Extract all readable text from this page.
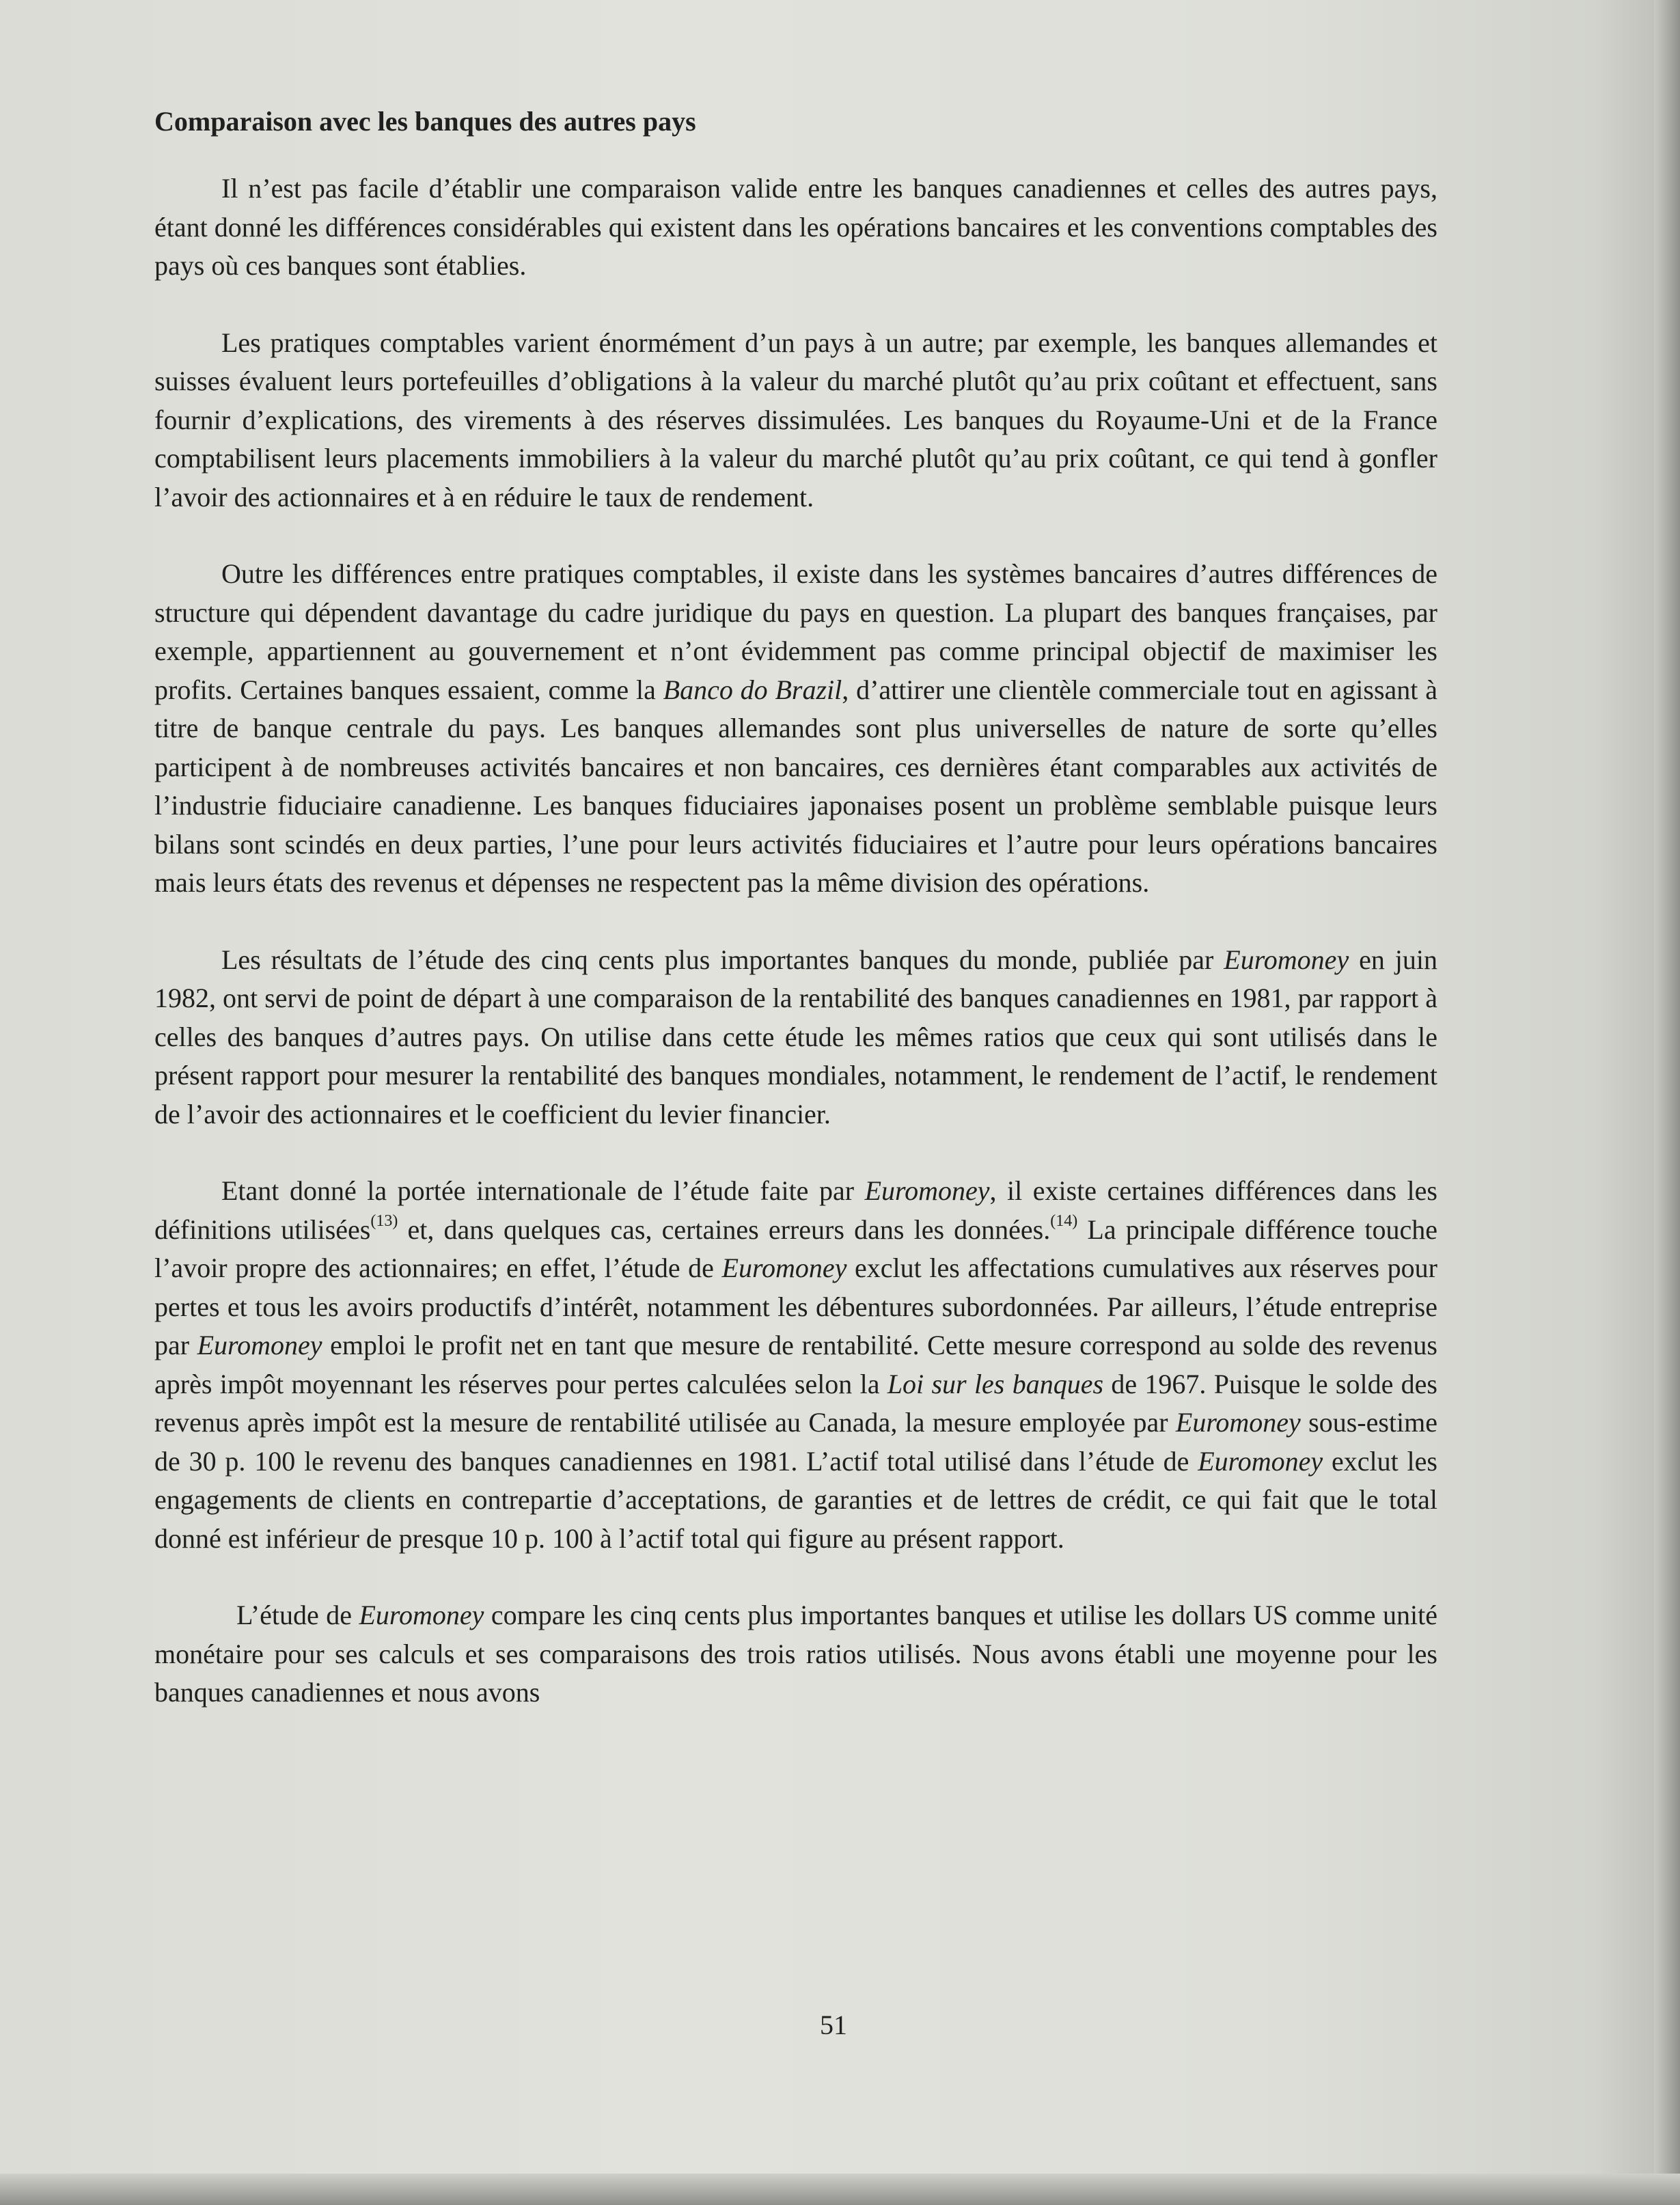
Comparaison avec les banques des autres pays

Il n’est pas facile d’établir une comparaison valide entre les banques canadiennes et celles des autres pays, étant donné les différences considérables qui existent dans les opérations bancaires et les conventions comptables des pays où ces banques sont établies.

Les pratiques comptables varient énormément d’un pays à un autre; par exemple, les banques allemandes et suisses évaluent leurs portefeuilles d’obligations à la valeur du marché plutôt qu’au prix coûtant et effectuent, sans fournir d’explications, des virements à des réserves dissimulées. Les banques du Royaume-Uni et de la France comptabilisent leurs placements immobiliers à la valeur du marché plutôt qu’au prix coûtant, ce qui tend à gonfler l’avoir des actionnaires et à en réduire le taux de rendement.

Outre les différences entre pratiques comptables, il existe dans les systèmes bancaires d’autres différences de structure qui dépendent davantage du cadre juridique du pays en question. La plupart des banques françaises, par exemple, appartiennent au gouvernement et n’ont évidemment pas comme principal objectif de maximiser les profits. Certaines banques essaient, comme la Banco do Brazil, d’attirer une clientèle commerciale tout en agissant à titre de banque centrale du pays. Les banques allemandes sont plus universelles de nature de sorte qu’elles participent à de nombreuses activités bancaires et non bancaires, ces dernières étant comparables aux activités de l’industrie fiduciaire canadienne. Les banques fiduciaires japonaises posent un problème semblable puisque leurs bilans sont scindés en deux parties, l’une pour leurs activités fiduciaires et l’autre pour leurs opérations bancaires mais leurs états des revenus et dépenses ne respectent pas la même division des opérations.

Les résultats de l’étude des cinq cents plus importantes banques du monde, publiée par Euromoney en juin 1982, ont servi de point de départ à une comparaison de la rentabilité des banques canadiennes en 1981, par rapport à celles des banques d’autres pays. On utilise dans cette étude les mêmes ratios que ceux qui sont utilisés dans le présent rapport pour mesurer la rentabilité des banques mondiales, notamment, le rendement de l’actif, le rendement de l’avoir des actionnaires et le coefficient du levier financier.

Etant donné la portée internationale de l’étude faite par Euromoney, il existe certaines différences dans les définitions utilisées$^{(13)}$ et, dans quelques cas, certaines erreurs dans les données.$^{(14)}$ La principale différence touche l’avoir propre des actionnaires; en effet, l’étude de Euromoney exclut les affectations cumulatives aux réserves pour pertes et tous les avoirs productifs d’intérêt, notamment les débentures subordonnées. Par ailleurs, l’étude entreprise par Euromoney emploi le profit net en tant que mesure de rentabilité. Cette mesure correspond au solde des revenus après impôt moyennant les réserves pour pertes calculées selon la Loi sur les banques de 1967. Puisque le solde des revenus après impôt est la mesure de rentabilité utilisée au Canada, la mesure employée par Euromoney sous-estime de 30 p. 100 le revenu des banques canadiennes en 1981. L’actif total utilisé dans l’étude de Euromoney exclut les engagements de clients en contrepartie d’acceptations, de garanties et de lettres de crédit, ce qui fait que le total donné est inférieur de presque 10 p. 100 à l’actif total qui figure au présent rapport.

L’étude de Euromoney compare les cinq cents plus importantes banques et utilise les dollars US comme unité monétaire pour ses calculs et ses comparaisons des trois ratios utilisés. Nous avons établi une moyenne pour les banques canadiennes et nous avons

51
